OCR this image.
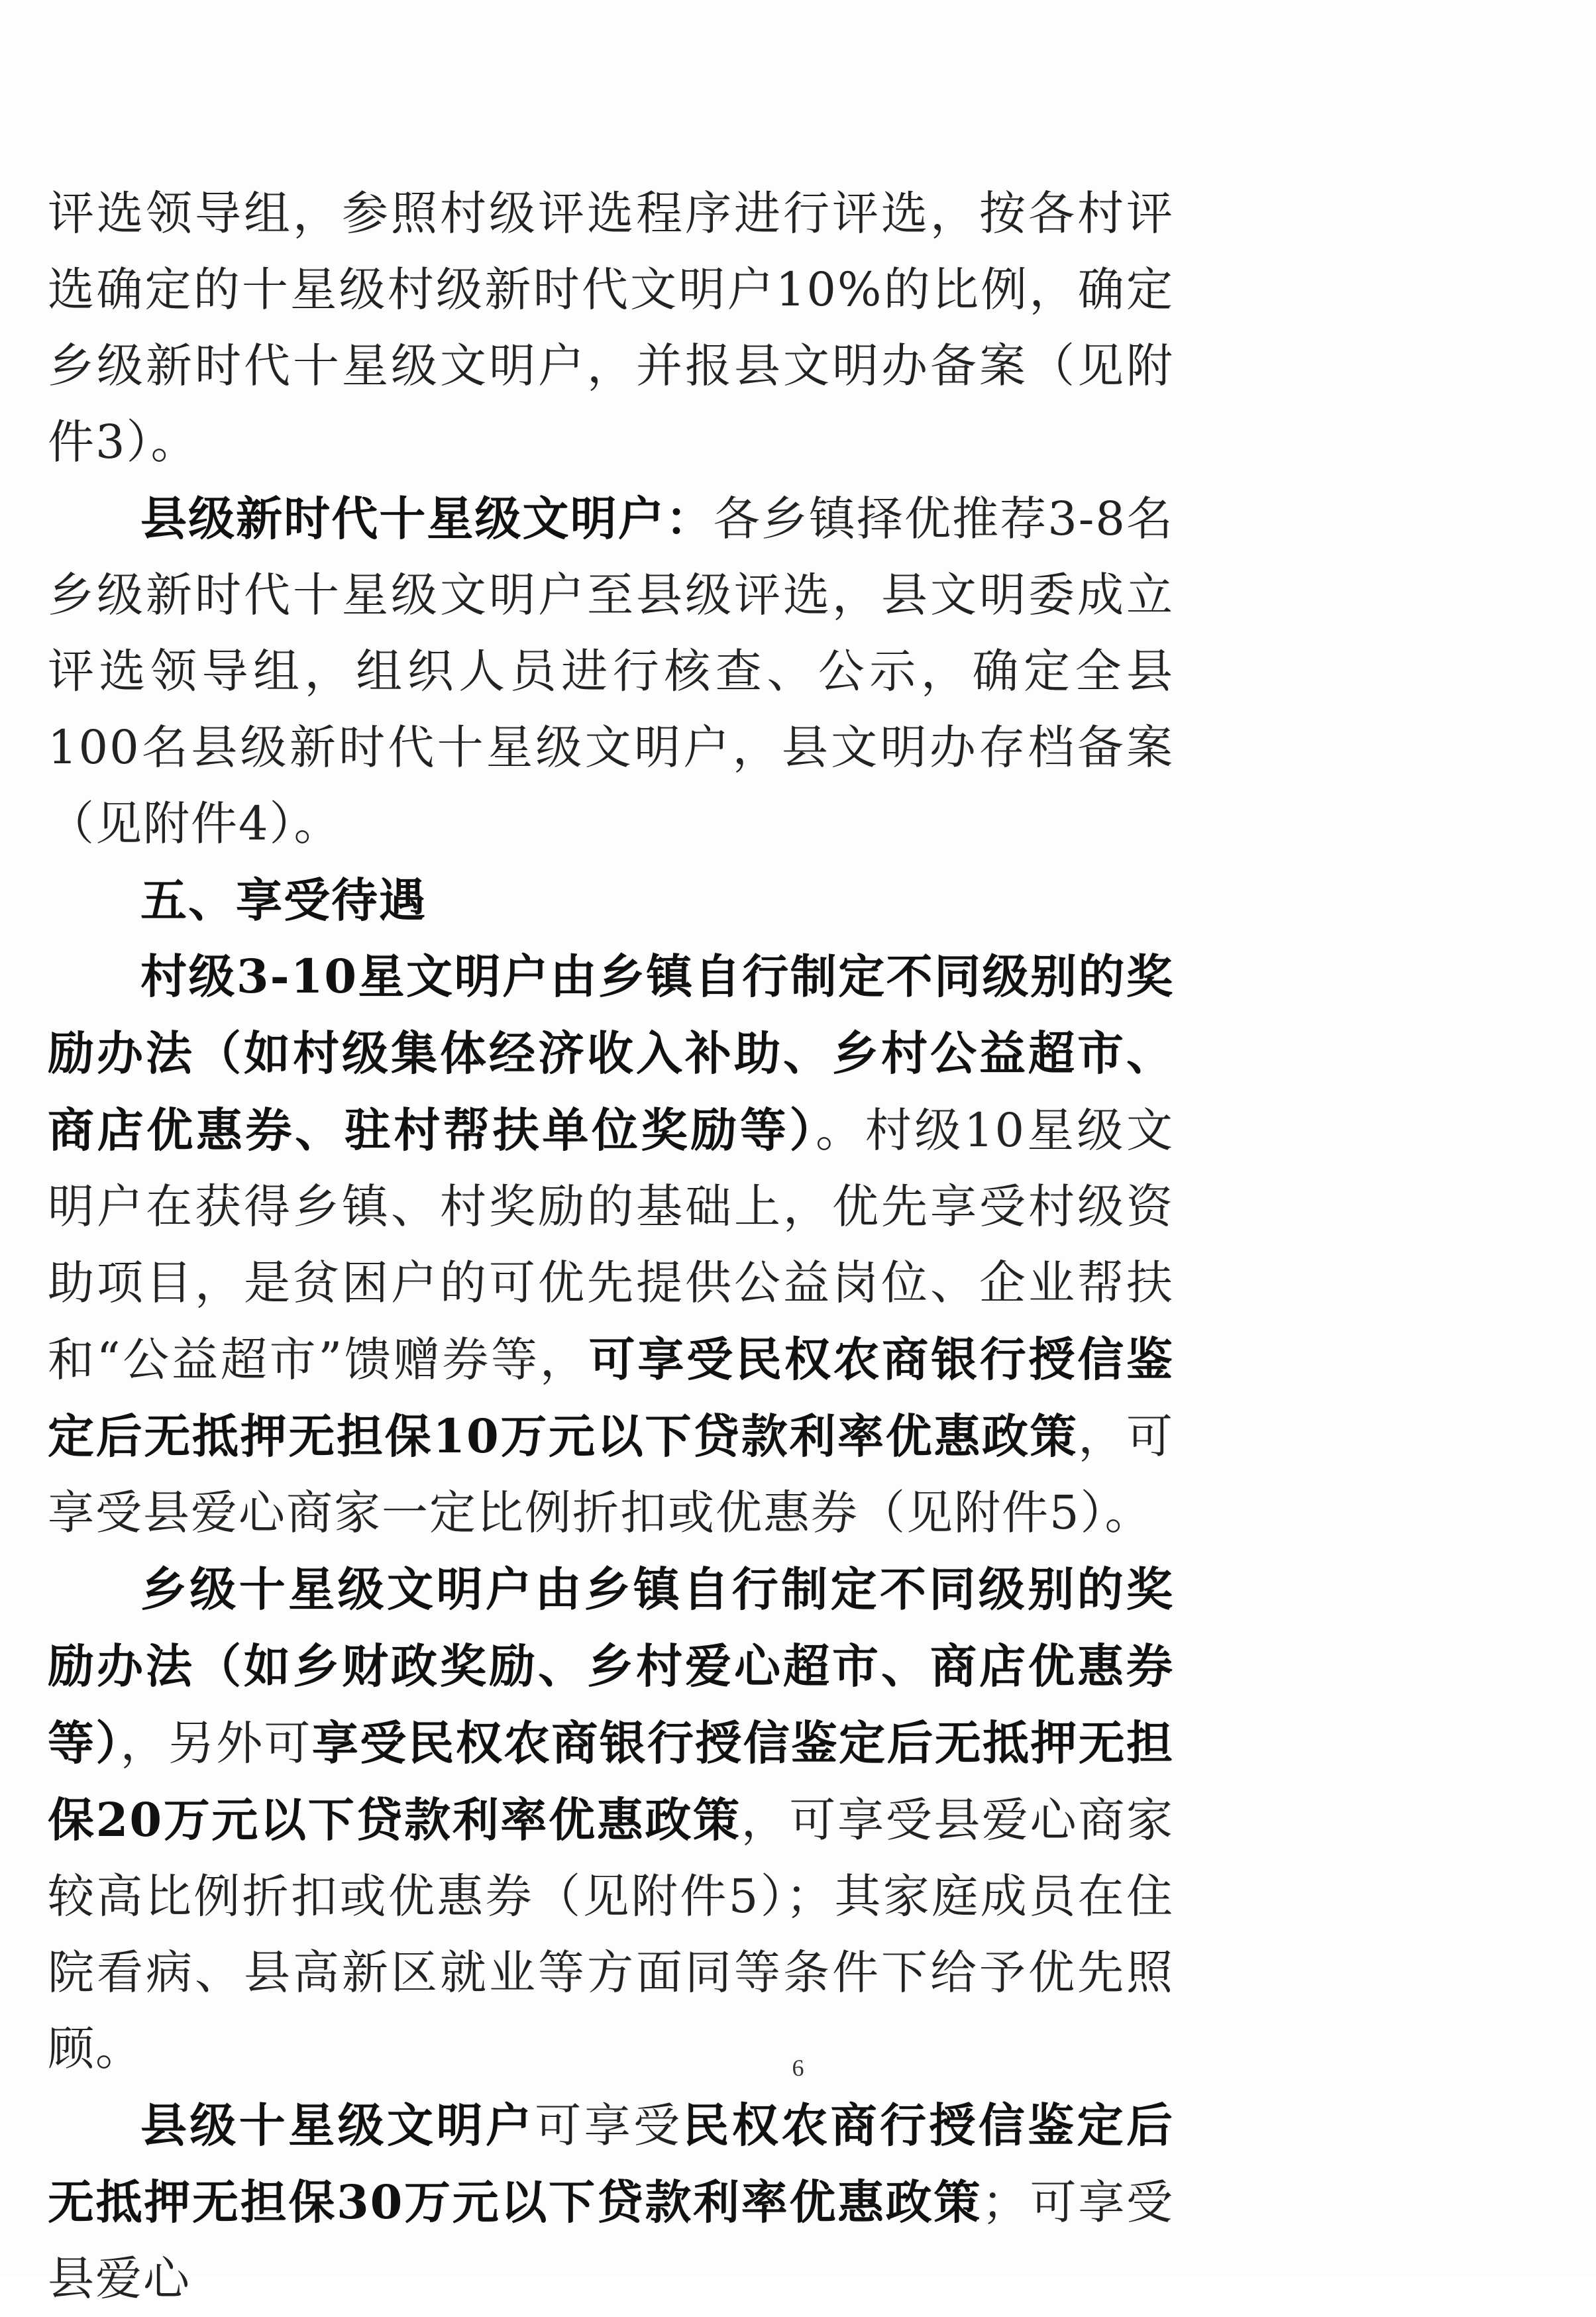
评选领导组，参照村级评选程序进行评选，按各村评选确定的十星级村级新时代文明户10%的比例，确定乡级新时代十星级文明户，并报县文明办备案（见附件3）。

县级新时代十星级文明户：各乡镇择优推荐3-8名乡级新时代十星级文明户至县级评选，县文明委成立评选领导组，组织人员进行核查、公示，确定全县100名县级新时代十星级文明户，县文明办存档备案（见附件4）。

五、享受待遇

村级3-10星文明户由乡镇自行制定不同级别的奖励办法（如村级集体经济收入补助、乡村公益超市、商店优惠券、驻村帮扶单位奖励等）。村级10星级文明户在获得乡镇、村奖励的基础上，优先享受村级资助项目，是贫困户的可优先提供公益岗位、企业帮扶和“公益超市”馈赠券等，可享受民权农商银行授信鉴定后无抵押无担保10万元以下贷款利率优惠政策，可享受县爱心商家一定比例折扣或优惠券（见附件5）。

乡级十星级文明户由乡镇自行制定不同级别的奖励办法（如乡财政奖励、乡村爱心超市、商店优惠券等），另外可享受民权农商银行授信鉴定后无抵押无担保20万元以下贷款利率优惠政策，可享受县爱心商家较高比例折扣或优惠券（见附件5）；其家庭成员在住院看病、县高新区就业等方面同等条件下给予优先照顾。

县级十星级文明户可享受民权农商行授信鉴定后无抵押无担保30万元以下贷款利率优惠政策；可享受县爱心

6
